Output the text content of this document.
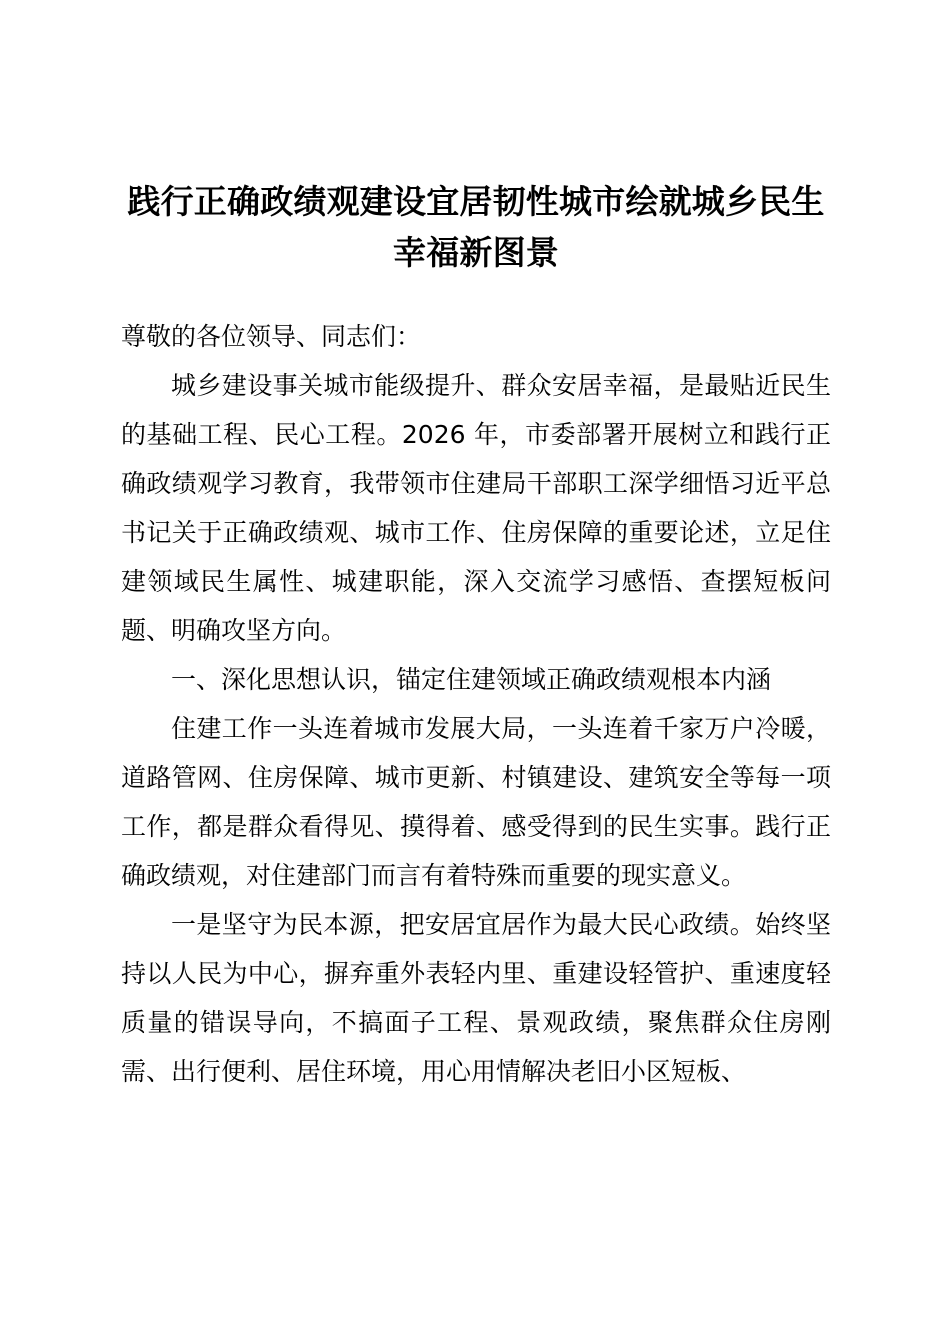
践行正确政绩观建设宜居韧性城市绘就城乡民生幸福新图景

尊敬的各位领导、同志们：

城乡建设事关城市能级提升、群众安居幸福，是最贴近民生的基础工程、民心工程。2026 年，市委部署开展树立和践行正确政绩观学习教育，我带领市住建局干部职工深学细悟习近平总书记关于正确政绩观、城市工作、住房保障的重要论述，立足住建领域民生属性、城建职能，深入交流学习感悟、查摆短板问题、明确攻坚方向。

一、深化思想认识，锚定住建领域正确政绩观根本内涵

住建工作一头连着城市发展大局，一头连着千家万户冷暖，道路管网、住房保障、城市更新、村镇建设、建筑安全等每一项工作，都是群众看得见、摸得着、感受得到的民生实事。践行正确政绩观，对住建部门而言有着特殊而重要的现实意义。

一是坚守为民本源，把安居宜居作为最大民心政绩。始终坚持以人民为中心，摒弃重外表轻内里、重建设轻管护、重速度轻质量的错误导向，不搞面子工程、景观政绩，聚焦群众住房刚需、出行便利、居住环境，用心用情解决老旧小区短板、
